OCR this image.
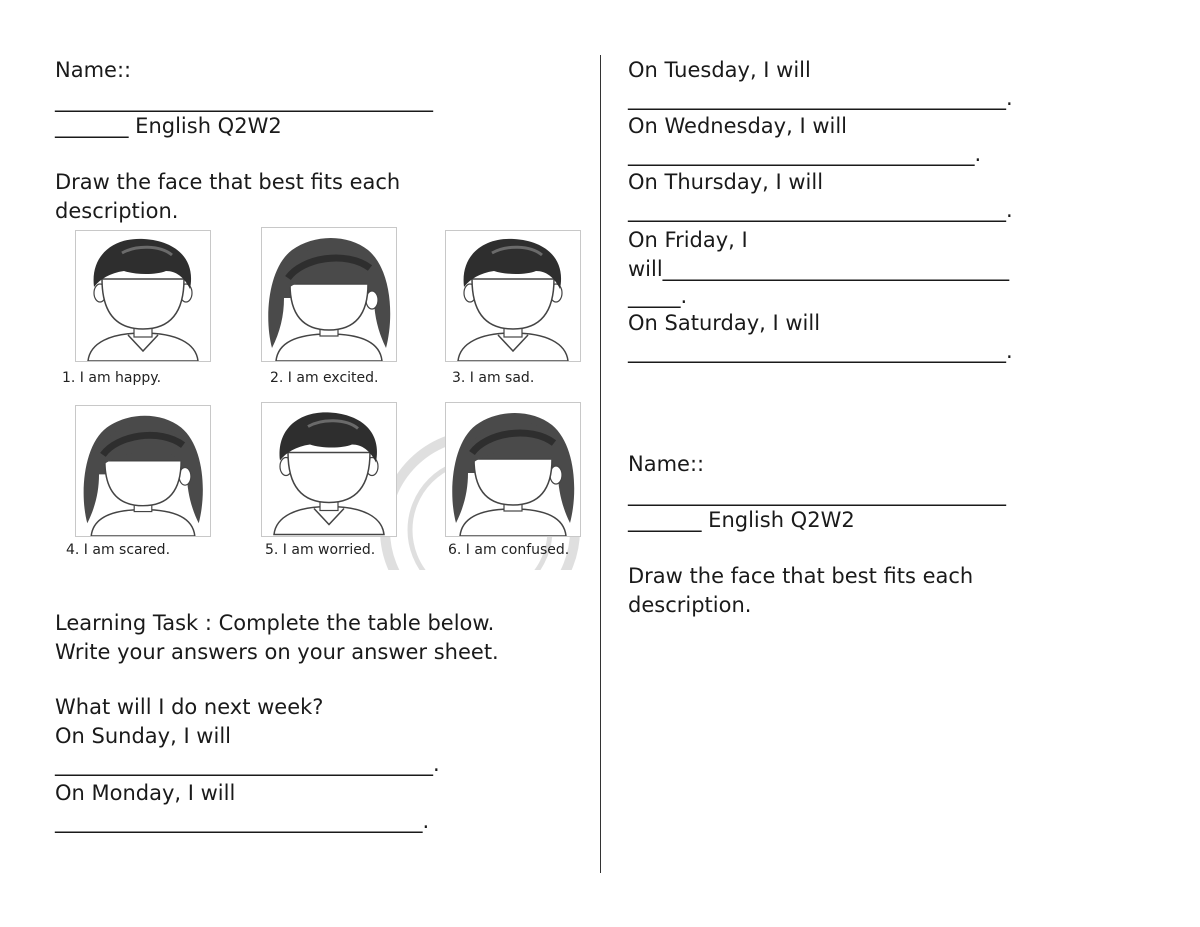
Name::

____________________________________

_______ English Q2W2

Draw the face that best fits each

description.

1. I am happy.	2. I am excited.	3. I am sad.
4. I am scared.	5. I am worried.	6. I am confused.

Learning Task : Complete the table below.

Write your answers on your answer sheet.

What will I do next week?

On Sunday, I will

____________________________________.

On Monday, I will

___________________________________.

On Tuesday, I will

____________________________________.

On Wednesday, I will

_________________________________.

On Thursday, I will

____________________________________.

On Friday, I

will_________________________________

_____.

On Saturday, I will

____________________________________.

Name::

____________________________________

_______ English Q2W2

Draw the face that best fits each

description.
